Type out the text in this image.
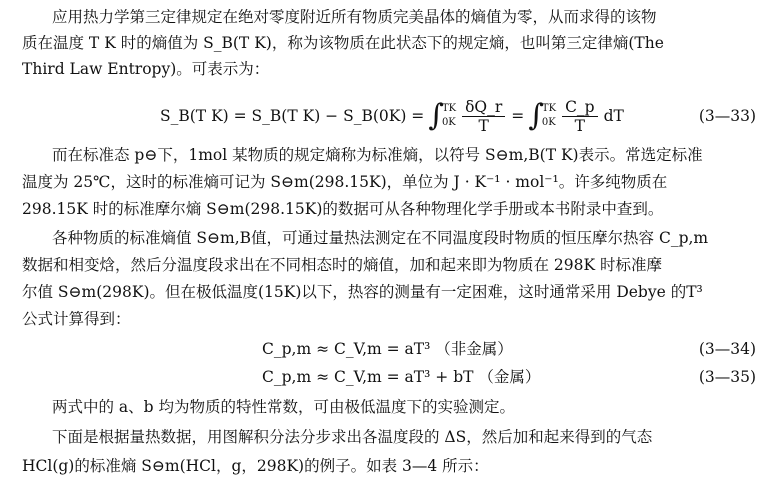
应用热力学第三定律规定在绝对零度附近所有物质完美晶体的熵值为零，从而求得的该物
质在温度 T K 时的熵值为 S_B(T K)，称为该物质在此状态下的规定熵，也叫第三定律熵(The
Third Law Entropy)。可表示为：
S_B(T K) = S_B(T K) − S_B(0K) = ∫
TK
$0K \frac{\delta Q\_r}{T}$ = ∫
TK
$0K \frac{C\_p}{T}$ dT	(3—33)
而在标准态 p⊖下，1mol 某物质的规定熵称为标准熵，以符号 S⊖m,B(T K)表示。常选定标准
温度为 25℃，这时的标准熵可记为 S⊖m(298.15K)，单位为 J · K⁻¹ · mol⁻¹。许多纯物质在
298.15K 时的标准摩尔熵 S⊖m(298.15K)的数据可从各种物理化学手册或本书附录中查到。
各种物质的标准熵值 S⊖m,B值，可通过量热法测定在不同温度段时物质的恒压摩尔热容 C_p,m
数据和相变焓，然后分温度段求出在不同相态时的熵值，加和起来即为物质在 298K 时标准摩
尔值 S⊖m(298K)。但在极低温度(15K)以下，热容的测量有一定困难，这时通常采用 Debye 的T³
公式计算得到：
C_p,m ≈ C_V,m = aT³ （非金属）	(3—34)
C_p,m ≈ C_V,m = aT³ + bT （金属）	(3—35)
两式中的 a、b 均为物质的特性常数，可由极低温度下的实验测定。
下面是根据量热数据，用图解积分法分步求出各温度段的 ΔS，然后加和起来得到的气态
HCl(g)的标准熵 S⊖m(HCl，g，298K)的例子。如表 3—4 所示：
